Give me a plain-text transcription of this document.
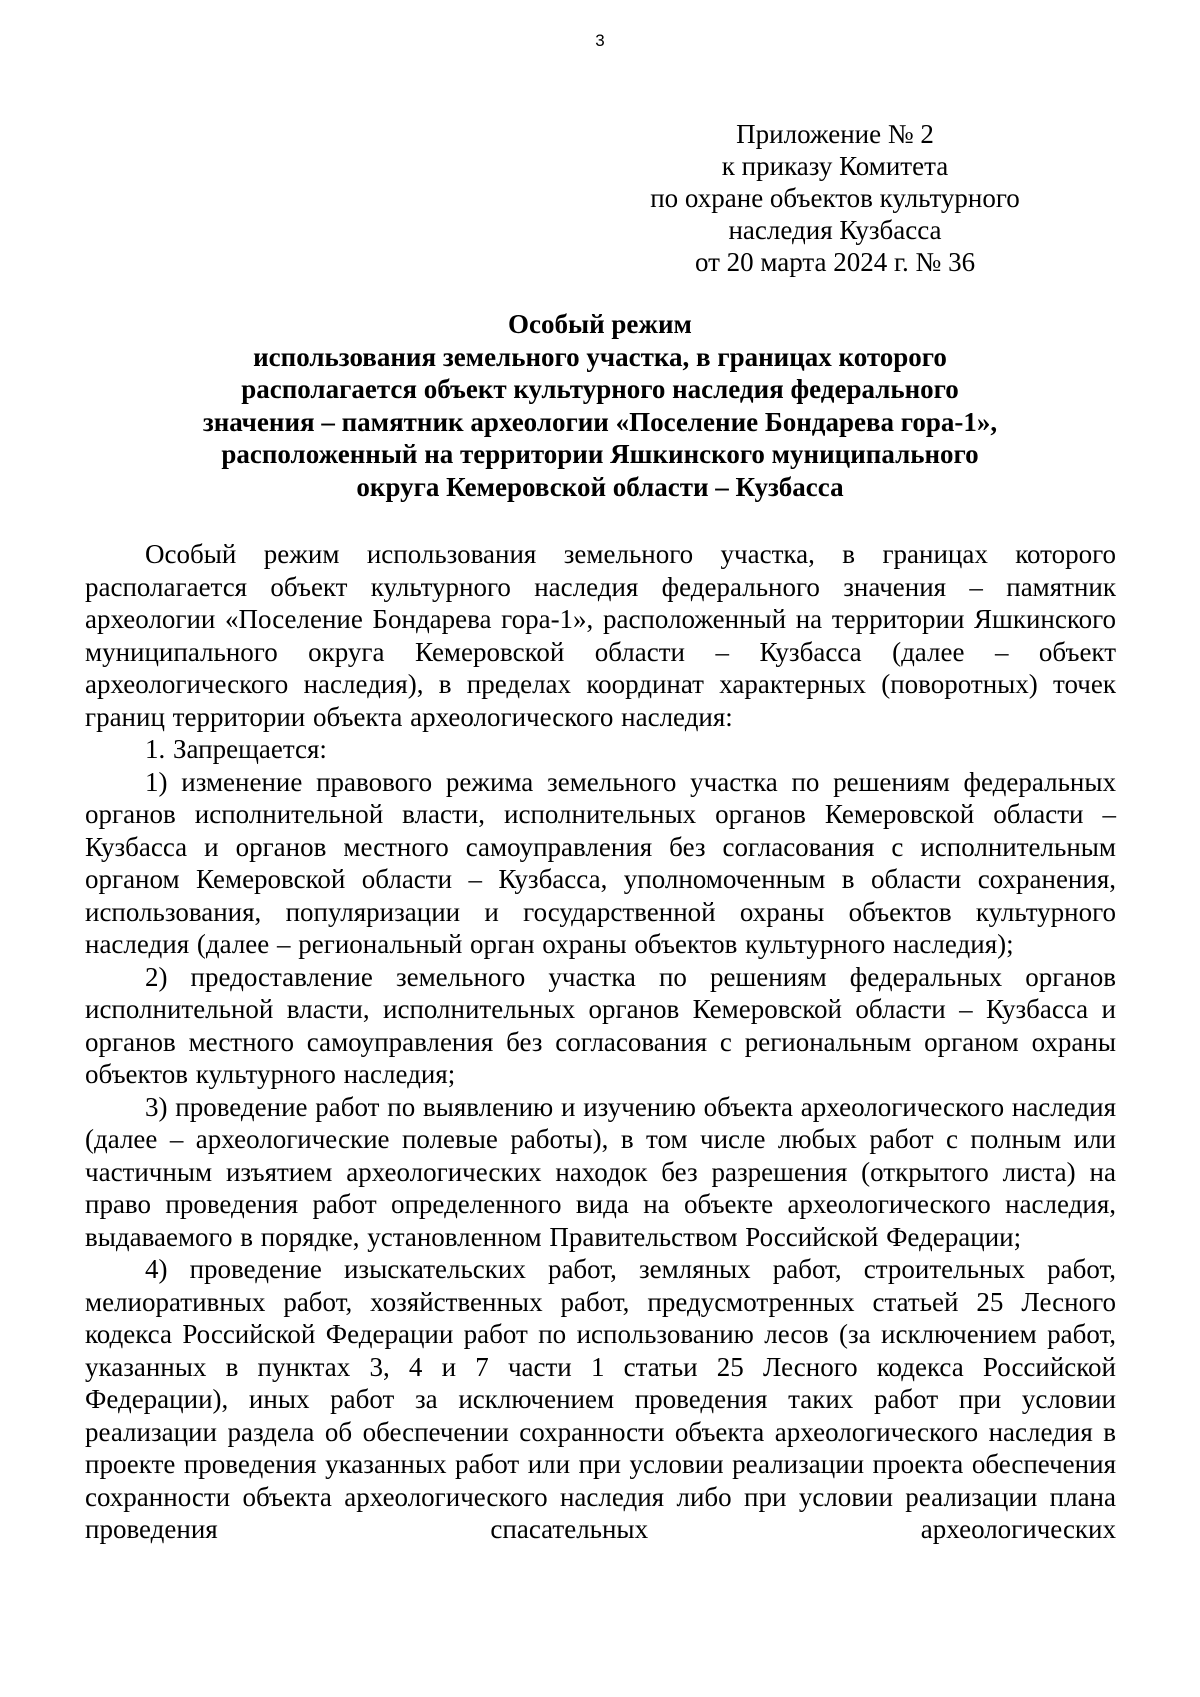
3
Приложение № 2
к приказу Комитета
по охране объектов культурного
наследия Кузбасса
от 20 марта 2024 г. № 36
Особый режим
использования земельного участка, в границах которого
располагается объект культурного наследия федерального
значения – памятник археологии «Поселение Бондарева гора-1»,
расположенный на территории Яшкинского муниципального
округа Кемеровской области – Кузбасса

Особый режим использования земельного участка, в границах которого располагается объект культурного наследия федерального значения – памятник археологии «Поселение Бондарева гора-1», расположенный на территории Яшкинского муниципального округа Кемеровской области – Кузбасса (далее – объект археологического наследия), в пределах координат характерных (поворотных) точек границ территории объекта археологического наследия:

1. Запрещается:

1) изменение правового режима земельного участка по решениям федеральных органов исполнительной власти, исполнительных органов Кемеровской области – Кузбасса и органов местного самоуправления без согласования с исполнительным органом Кемеровской области – Кузбасса, уполномоченным в области сохранения, использования, популяризации и государственной охраны объектов культурного наследия (далее – региональный орган охраны объектов культурного наследия);

2) предоставление земельного участка по решениям федеральных органов исполнительной власти, исполнительных органов Кемеровской области – Кузбасса и органов местного самоуправления без согласования с региональным органом охраны объектов культурного наследия;

3) проведение работ по выявлению и изучению объекта археологического наследия (далее – археологические полевые работы), в том числе любых работ с полным или частичным изъятием археологических находок без разрешения (открытого листа) на право проведения работ определенного вида на объекте археологического наследия, выдаваемого в порядке, установленном Правительством Российской Федерации;

4) проведение изыскательских работ, земляных работ, строительных работ, мелиоративных работ, хозяйственных работ, предусмотренных статьей 25 Лесного кодекса Российской Федерации работ по использованию лесов (за исключением работ, указанных в пунктах 3, 4 и 7 части 1 статьи 25 Лесного кодекса Российской Федерации), иных работ за исключением проведения таких работ при условии реализации раздела об обеспечении сохранности объекта археологического наследия в проекте проведения указанных работ или при условии реализации проекта обеспечения сохранности объекта археологического наследия либо при условии реализации плана проведения спасательных археологических
